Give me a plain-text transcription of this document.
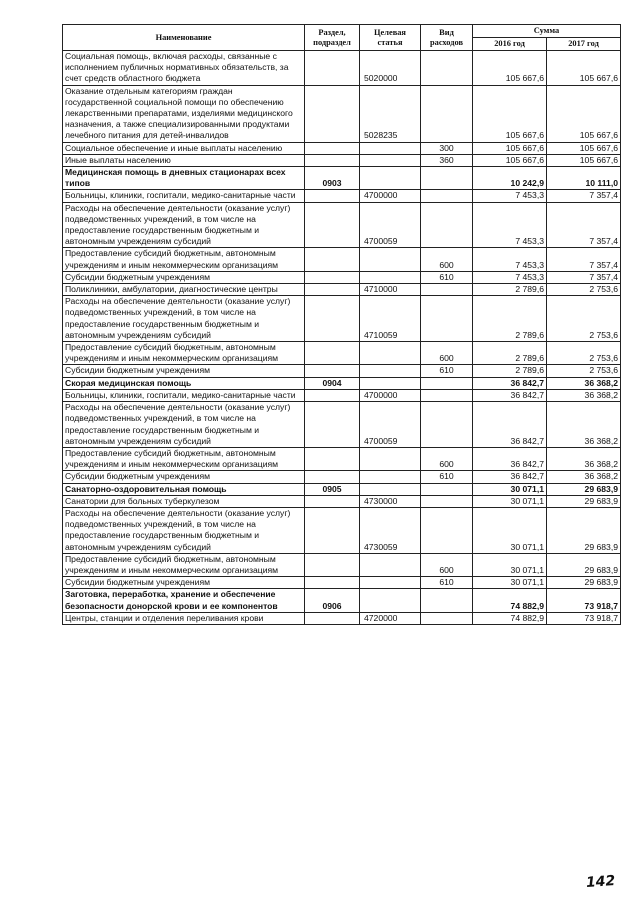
Наименование	Раздел, подраздел	Целевая статья	Вид расходов	Сумма	
				2016 год	2017 год
Социальная помощь, включая расходы, связанные с исполнением публичных нормативных обязательств, за счет средств областного бюджета		5020000		105 667,6	105 667,6
Оказание отдельным категориям граждан государственной социальной помощи по обеспечению лекарственными препаратами, изделиями медицинского назначения, а также специализированными продуктами лечебного питания для детей-инвалидов		5028235		105 667,6	105 667,6
Социальное обеспечение и иные выплаты населению			300	105 667,6	105 667,6
Иные выплаты населению			360	105 667,6	105 667,6
Медицинская помощь в дневных стационарах всех типов	0903			10 242,9	10 111,0
Больницы, клиники, госпитали, медико-санитарные части		4700000		7 453,3	7 357,4
Расходы на обеспечение деятельности (оказание услуг) подведомственных учреждений, в том числе на предоставление государственным бюджетным и автономным учреждениям субсидий		4700059		7 453,3	7 357,4
Предоставление субсидий бюджетным, автономным учреждениям и иным некоммерческим организациям			600	7 453,3	7 357,4
Субсидии бюджетным учреждениям			610	7 453,3	7 357,4
Поликлиники, амбулатории, диагностические центры		4710000		2 789,6	2 753,6
Расходы на обеспечение деятельности (оказание услуг) подведомственных учреждений, в том числе на предоставление государственным бюджетным и автономным учреждениям субсидий		4710059		2 789,6	2 753,6
Предоставление субсидий бюджетным, автономным учреждениям и иным некоммерческим организациям			600	2 789,6	2 753,6
Субсидии бюджетным учреждениям			610	2 789,6	2 753,6
Скорая медицинская помощь	0904			36 842,7	36 368,2
Больницы, клиники, госпитали, медико-санитарные части		4700000		36 842,7	36 368,2
Расходы на обеспечение деятельности (оказание услуг) подведомственных учреждений, в том числе на предоставление государственным бюджетным и автономным учреждениям субсидий		4700059		36 842,7	36 368,2
Предоставление субсидий бюджетным, автономным учреждениям и иным некоммерческим организациям			600	36 842,7	36 368,2
Субсидии бюджетным учреждениям			610	36 842,7	36 368,2
Санаторно-оздоровительная помощь	0905			30 071,1	29 683,9
Санатории для больных туберкулезом		4730000		30 071,1	29 683,9
Расходы на обеспечение деятельности (оказание услуг) подведомственных учреждений, в том числе на предоставление государственным бюджетным и автономным учреждениям субсидий		4730059		30 071,1	29 683,9
Предоставление субсидий бюджетным, автономным учреждениям и иным некоммерческим организациям			600	30 071,1	29 683,9
Субсидии бюджетным учреждениям			610	30 071,1	29 683,9
Заготовка, переработка, хранение и обеспечение безопасности донорской крови и ее компонентов	0906			74 882,9	73 918,7
Центры, станции и отделения переливания крови		4720000		74 882,9	73 918,7
142
